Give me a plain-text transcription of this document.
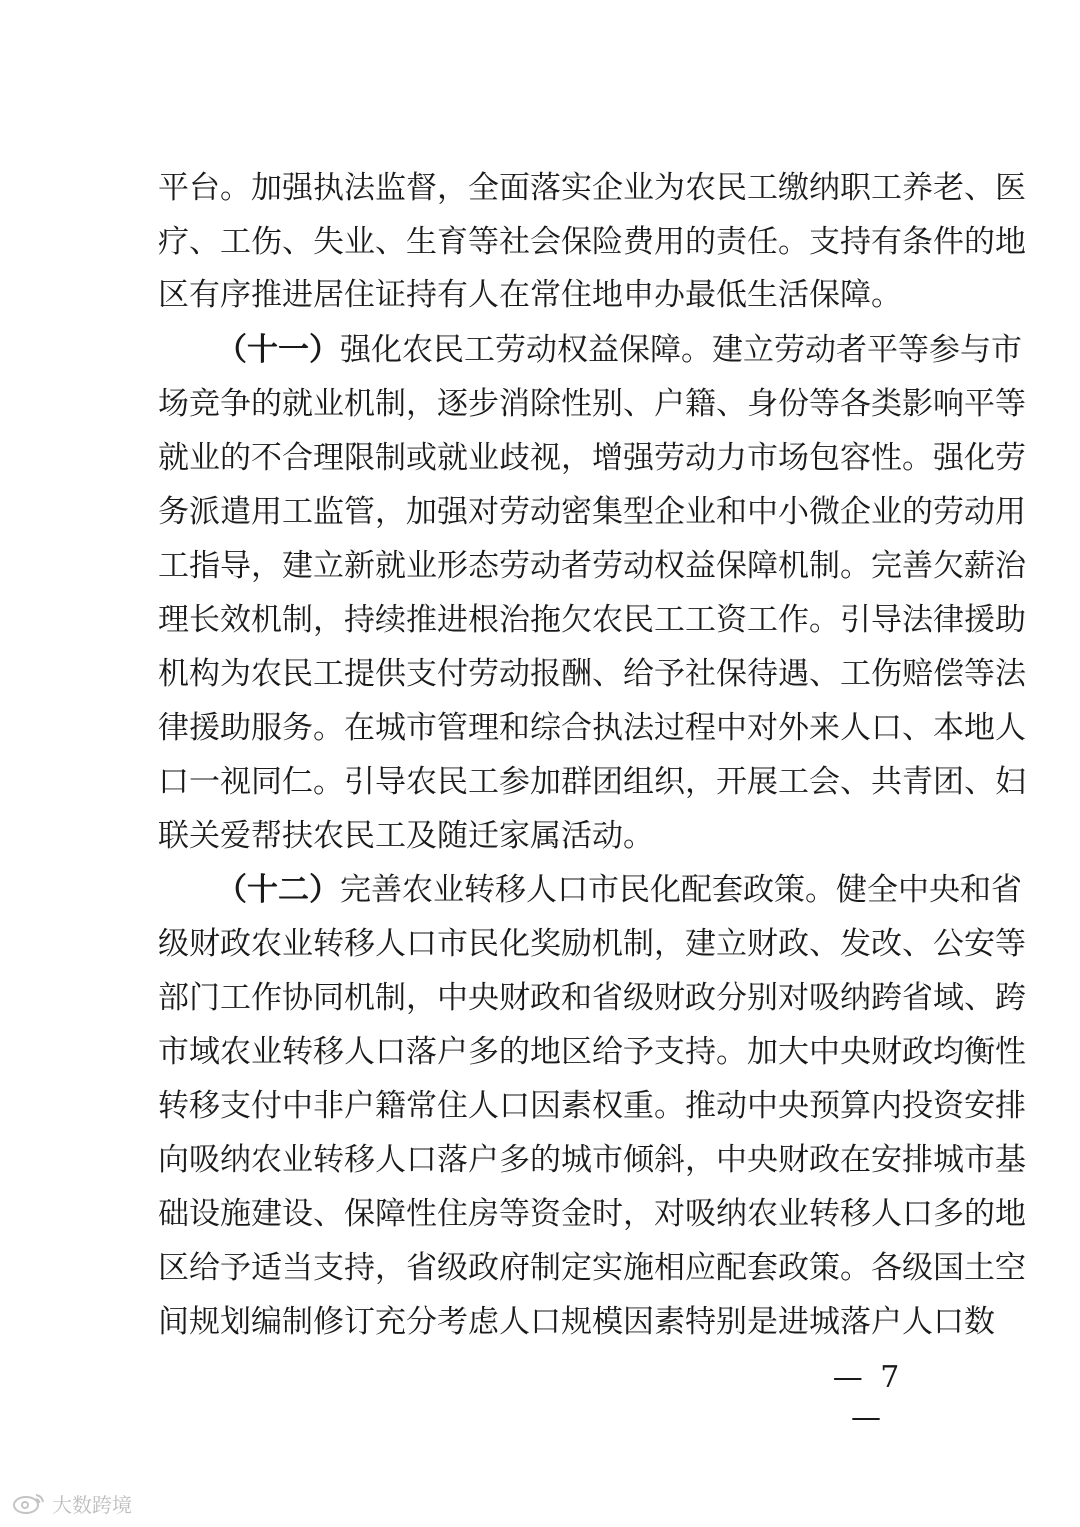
平台。加强执法监督，全面落实企业为农民工缴纳职工养老、医
疗、工伤、失业、生育等社会保险费用的责任。支持有条件的地
区有序推进居住证持有人在常住地申办最低生活保障。
（十一）强化农民工劳动权益保障。建立劳动者平等参与市
场竞争的就业机制，逐步消除性别、户籍、身份等各类影响平等
就业的不合理限制或就业歧视，增强劳动力市场包容性。强化劳
务派遣用工监管，加强对劳动密集型企业和中小微企业的劳动用
工指导，建立新就业形态劳动者劳动权益保障机制。完善欠薪治
理长效机制，持续推进根治拖欠农民工工资工作。引导法律援助
机构为农民工提供支付劳动报酬、给予社保待遇、工伤赔偿等法
律援助服务。在城市管理和综合执法过程中对外来人口、本地人
口一视同仁。引导农民工参加群团组织，开展工会、共青团、妇
联关爱帮扶农民工及随迁家属活动。
（十二）完善农业转移人口市民化配套政策。健全中央和省
级财政农业转移人口市民化奖励机制，建立财政、发改、公安等
部门工作协同机制，中央财政和省级财政分别对吸纳跨省域、跨
市域农业转移人口落户多的地区给予支持。加大中央财政均衡性
转移支付中非户籍常住人口因素权重。推动中央预算内投资安排
向吸纳农业转移人口落户多的城市倾斜，中央财政在安排城市基
础设施建设、保障性住房等资金时，对吸纳农业转移人口多的地
区给予适当支持，省级政府制定实施相应配套政策。各级国土空
间规划编制修订充分考虑人口规模因素特别是进城落户人口数
— 7 —
大数跨境
